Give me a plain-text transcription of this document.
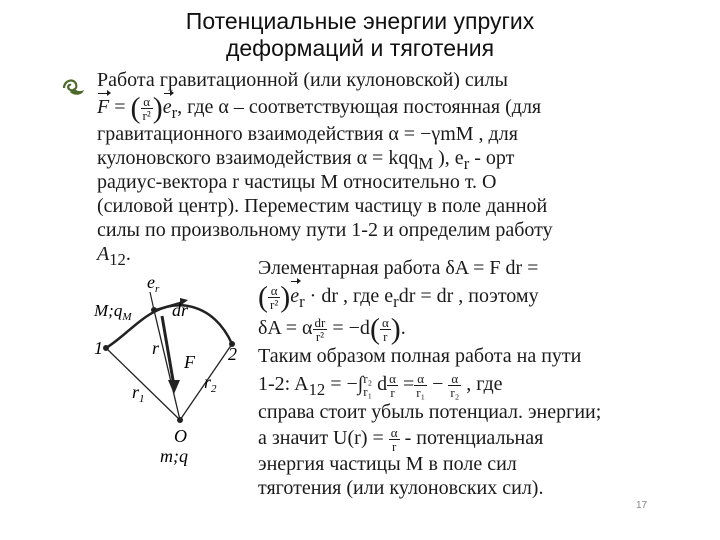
Потенциальные энергии упругих
деформаций и тяготения
Работа гравитационной (или кулоновской) силы
F = ( $\frac{\alpha}{\text{r²}} )e_r$, где α – соответствующая постоянная (для
гравитационного взаимодействия α = −γmM , для
кулоновского взаимодействия α = kqq$_M$ ), $e_r$ - орт
радиус-вектора r частицы M относительно т. O
(силовой центр). Переместим частицу в поле данной
силы по произвольному пути 1-2 и определим работу
$A_{12}$.
$e_r$
$M;q_M$ dr
1	2
r
F
$r_2$
$r_1$
O
m;q
Элементарная работа δA = F dr =
( $\frac{\alpha}{\text{r²}} )e_r$ · dr , где $e_rdr$ = dr , поэтому
δA = α $\frac{dr}{\text{r²}} = -d( \frac{\alpha}{r}$ ).
Таким образом полная работа на пути
1-2: $A_{12}$ = −∫ r₂
r₁ d $\frac{\alpha}{r} = \frac{\alpha}{\text{r₁}} - \frac{\alpha}{\text{r₂}}$ , где
справа стоит убыль потенциал. энергии;
а значит $U(r) = \frac{\alpha}{r}$ - потенциальная
энергия частицы M в поле сил
тяготения (или кулоновских сил).
17
